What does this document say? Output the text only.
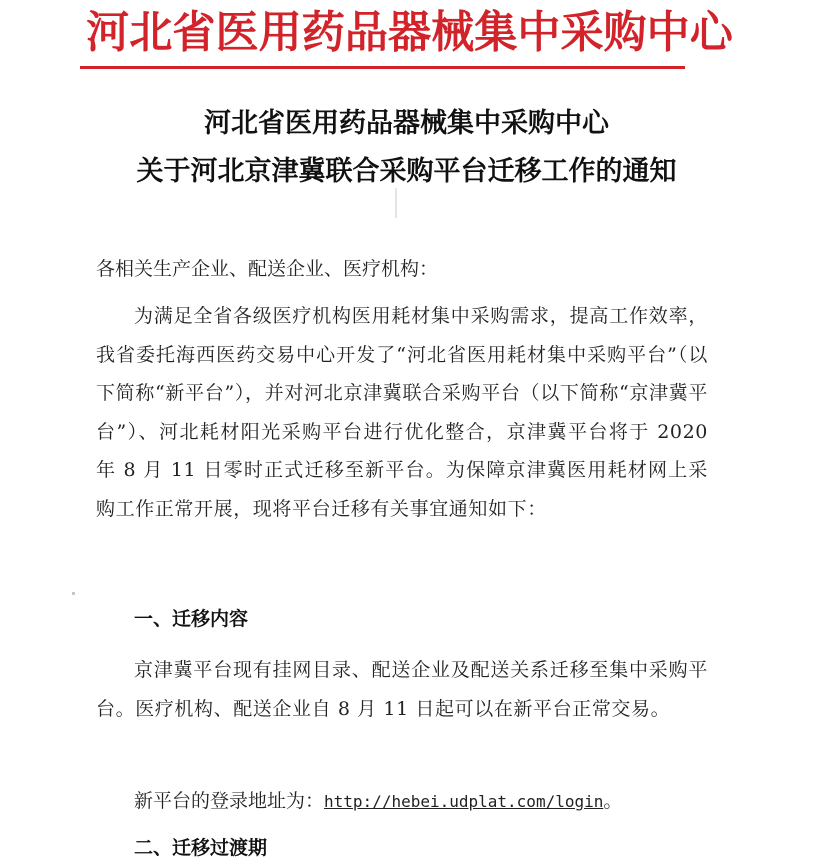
河北省医用药品器械集中采购中心
河北省医用药品器械集中采购中心
关于河北京津冀联合采购平台迁移工作的通知
各相关生产企业、配送企业、医疗机构：
为满足全省各级医疗机构医用耗材集中采购需求，提高工作效率，我省委托海西医药交易中心开发了“河北省医用耗材集中采购平台”（以下简称“新平台”），并对河北京津冀联合采购平台（以下简称“京津冀平台”）、河北耗材阳光采购平台进行优化整合，京津冀平台将于 2020 年 8 月 11 日零时正式迁移至新平台。为保障京津冀医用耗材网上采购工作正常开展，现将平台迁移有关事宜通知如下：
一、迁移内容
京津冀平台现有挂网目录、配送企业及配送关系迁移至集中采购平台。医疗机构、配送企业自 8 月 11 日起可以在新平台正常交易。
新平台的登录地址为：http://hebei.udplat.com/login。
二、迁移过渡期
